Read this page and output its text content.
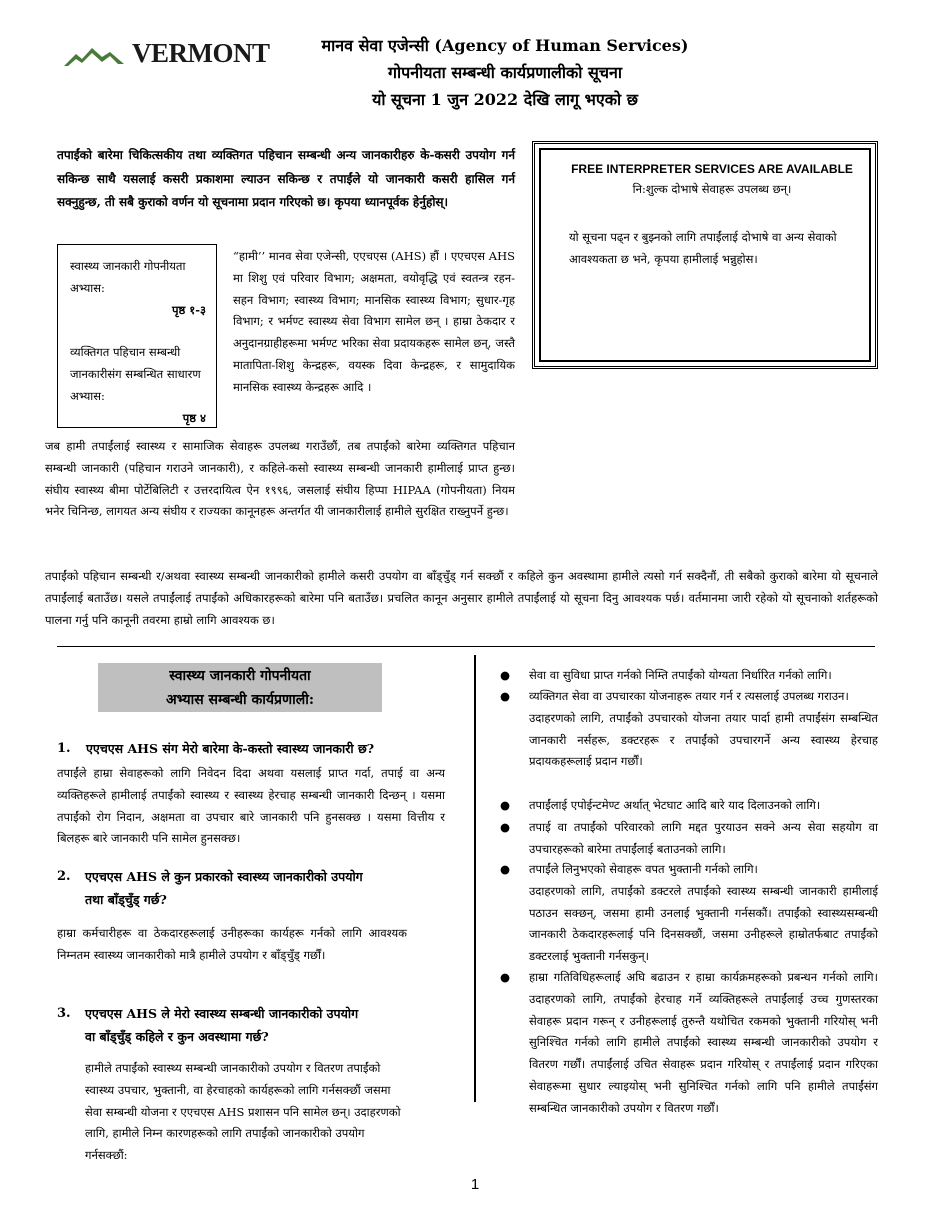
VERMONT	मानव सेवा एजेन्सी (Agency of Human Services)
गोपनीयता सम्बन्धी कार्यप्रणालीको सूचना
यो सूचना 1 जुन 2022 देखि लागू भएको छ
तपाईंको बारेमा चिकित्सकीय तथा व्यक्तिगत पहिचान सम्बन्धी अन्य जानकारीहरु के-कसरी उपयोग गर्न सकिन्छ साथै यसलाई कसरी प्रकाशमा ल्याउन सकिन्छ र तपाईंले यो जानकारी कसरी हासिल गर्न सक्नुहुन्छ, ती सबै कुराको वर्णन यो सूचनामा प्रदान गरिएको छ। कृपया ध्यानपूर्वक हेर्नुहोस्।
स्वास्थ्य जानकारी गोपनीयता अभ्यास:
पृष्ठ १-३
व्यक्तिगत पहिचान सम्बन्धी जानकारीसंग सम्बन्धित साधारण अभ्यास:
पृष्ठ ४
“हामी’’ मानव सेवा एजेन्सी, एएचएस (AHS) हौं । एएचएस AHS मा शिशु एवं परिवार विभाग; अक्षमता, वयोवृद्धि एवं स्वतन्त्र रहन-सहन विभाग; स्वास्थ्य विभाग; मानसिक स्वास्थ्य विभाग; सुधार-गृह विभाग; र भर्मण्ट स्वास्थ्य सेवा विभाग सामेल छन् । हाम्रा ठेकदार र अनुदानग्राहीहरूमा भर्मण्ट भरिका सेवा प्रदायकहरू सामेल छन्, जस्तै मातापिता-शिशु केन्द्रहरू, वयस्क दिवा केन्द्रहरू, र सामुदायिक मानसिक स्वास्थ्य केन्द्रहरू आदि ।
जब हामी तपाईंलाई स्वास्थ्य र सामाजिक सेवाहरू उपलब्ध गराउँछौं, तब तपाईंको बारेमा व्यक्तिगत पहिचान सम्बन्धी जानकारी (पहिचान गराउने जानकारी), र कहिले-कसो स्वास्थ्य सम्बन्धी जानकारी हामीलाई प्राप्त हुन्छ। संघीय स्वास्थ्य बीमा पोर्टेबिलिटी र उत्तरदायित्व ऐन १९९६, जसलाई संघीय हिप्पा HIPAA (गोपनीयता) नियम भनेर चिनिन्छ, लागयत अन्य संघीय र राज्यका कानूनहरू अन्तर्गत यी जानकारीलाई हामीले सुरक्षित राख्नुपर्ने हुन्छ।
FREE INTERPRETER SERVICES ARE AVAILABLE
नि:शुल्क दोभाषे सेवाहरू उपलब्ध छन्।
यो सूचना पढ्न र बुझ्नको लागि तपाईंलाई दोभाषे वा अन्य सेवाको आवश्यकता छ भने, कृपया हामीलाई भन्नुहोस।
तपाईंको पहिचान सम्बन्धी र/अथवा स्वास्थ्य सम्बन्धी जानकारीको हामीले कसरी उपयोग वा बाँड्चुँड्‌ गर्न सक्छौं र कहिले कुन अवस्थामा हामीले त्यसो गर्न सक्दैनौं, ती सबैको कुराको बारेमा यो सूचनाले तपाईंलाई बताउँछ। यसले तपाईंलाई तपाईंको अधिकारहरूको बारेमा पनि बताउँछ। प्रचलित कानून अनुसार हामीले तपाईंलाई यो सूचना दिनु आवश्यक पर्छ। वर्तमानमा जारी रहेको यो सूचनाको शर्तहरूको पालना गर्नु पनि कानूनी तवरमा हाम्रो लागि आवश्यक छ।
स्वास्थ्य जानकारी गोपनीयता
अभ्यास सम्बन्धी कार्यप्रणाली:
1. एएचएस AHS संग मेरो बारेमा के-कस्तो स्वास्थ्य जानकारी छ?
तपाईंले हाम्रा सेवाहरूको लागि निवेदन दिदा अथवा यसलाई प्राप्त गर्दा, तपाई वा अन्य व्यक्तिहरूले हामीलाई तपाईंको स्वास्थ्य र स्वास्थ्य हेरचाह सम्बन्धी जानकारी दिन्छन् । यसमा तपाईंको रोग निदान, अक्षमता वा उपचार बारे जानकारी पनि हुनसक्छ । यसमा वित्तीय र बिलहरू बारे जानकारी पनि सामेल हुनसक्छ।
2. एएचएस AHS ले कुन प्रकारको स्वास्थ्य जानकारीको उपयोग
तथा बाँड्चुँड्‌ गर्छ?
हाम्रा कर्मचारीहरू वा ठेकदारहरूलाई उनीहरूका कार्यहरू गर्नको लागि आवश्यक निम्नतम स्वास्थ्य जानकारीको मात्रै हामीले उपयोग र बाँड्चुँड्‌ गर्छौं।
3. एएचएस AHS ले मेरो स्वास्थ्य सम्बन्धी जानकारीको उपयोग
वा बाँड्चुँड्‌ कहिले र कुन अवस्थामा गर्छ?
हामीले तपाईंको स्वास्थ्य सम्बन्धी जानकारीको उपयोग र वितरण तपाईंको स्वास्थ्य उपचार, भुक्तानी, वा हेरचाहको कार्यहरूको लागि गर्नसक्छौं जसमा सेवा सम्बन्धी योजना र एएचएस AHS प्रशासन पनि सामेल छन्। उदाहरणको लागि, हामीले निम्न कारणहरूको लागि तपाईंको जानकारीको उपयोग गर्नसक्छौं:
● सेवा वा सुविधा प्राप्त गर्नको निम्ति तपाईंको योग्यता निर्धारित गर्नको लागि।
● व्यक्तिगत सेवा वा उपचारका योजनाहरू तयार गर्न र त्यसलाई उपलब्ध गराउन।
उदाहरणको लागि, तपाईंको उपचारको योजना तयार पार्दा हामी तपाईंसंग सम्बन्धित जानकारी नर्सहरू, डक्टरहरू र तपाईंको उपचारगर्ने अन्य स्वास्थ्य हेरचाह प्रदायकहरूलाई प्रदान गर्छौं।
● तपाईंलाई एपोईन्टमेण्ट अर्थात् भेटघाट आदि बारे याद दिलाउनको लागि।
● तपाई वा तपाईंको परिवारको लागि मद्दत पुरयाउन सक्ने अन्य सेवा सहयोग वा उपचारहरूको बारेमा तपाईंलाई बताउनको लागि।
● तपाईंले लिनुभएको सेवाहरू वपत भुक्तानी गर्नको लागि।
उदाहरणको लागि, तपाईंको डक्टरले तपाईंको स्वास्थ्य सम्बन्धी जानकारी हामीलाई पठाउन सक्छन्, जसमा हामी उनलाई भुक्तानी गर्नसकौं। तपाईंको स्वास्थ्यसम्बन्धी जानकारी ठेकदारहरूलाई पनि दिनसक्छौं, जसमा उनीहरूले हाम्रोतर्फबाट तपाईंको डक्टरलाई भुक्तानी गर्नसकुन्।
● हाम्रा गतिविधिहरूलाई अघि बढाउन र हाम्रा कार्यक्रमहरूको प्रबन्धन गर्नको लागि। उदाहरणको लागि, तपाईंको हेरचाह गर्ने व्यक्तिहरूले तपाईंलाई उच्च गुणस्तरका सेवाहरू प्रदान गरून् र उनीहरूलाई तुरुन्तै यथोचित रकमको भुक्तानी गरियोस् भनी सुनिश्चित गर्नको लागि हामीले तपाईंको स्वास्थ्य सम्बन्धी जानकारीको उपयोग र वितरण गर्छौं। तपाईंलाई उचित सेवाहरू प्रदान गरियोस् र तपाईंलाई प्रदान गरिएका सेवाहरूमा सुधार ल्याइयोस् भनी सुनिश्चित गर्नको लागि पनि हामीले तपाईंसंग सम्बन्धित जानकारीको उपयोग र वितरण गर्छौं।
1
